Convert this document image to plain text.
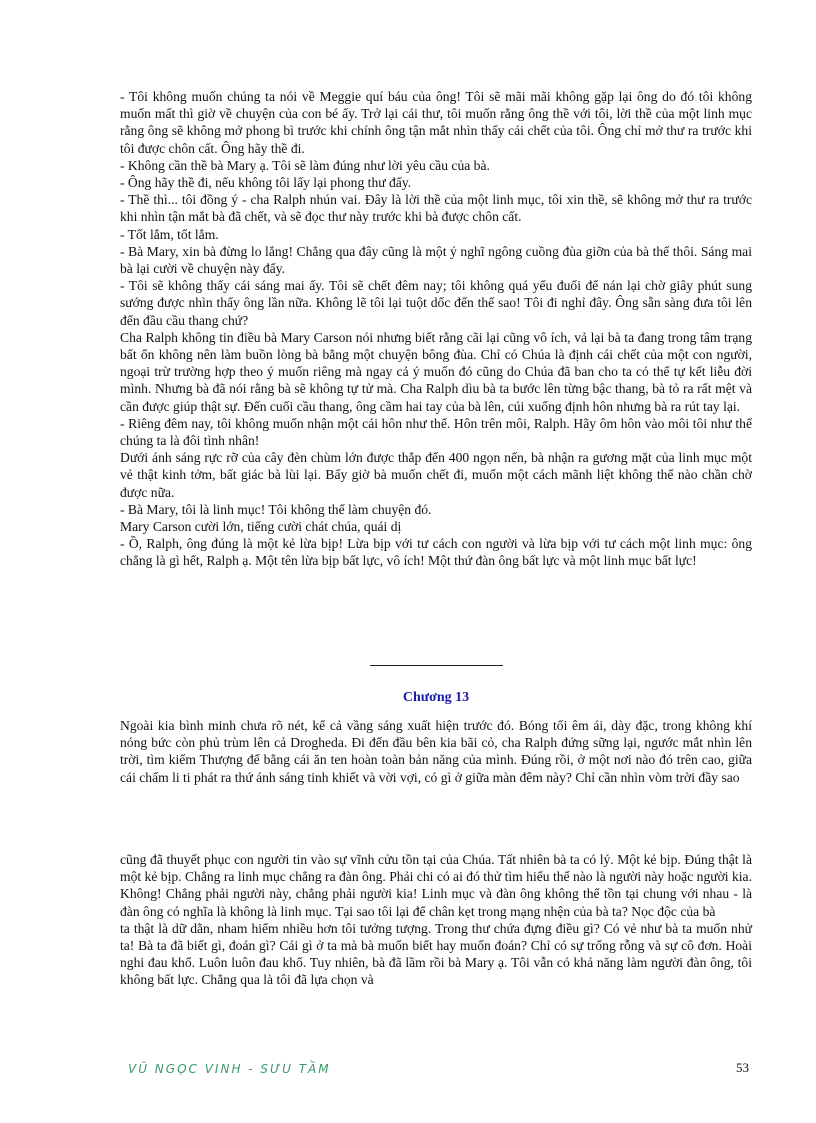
- Tôi không muốn chúng ta nói về Meggie quí báu của ông! Tôi sẽ mãi mãi không gặp lại ông do đó tôi không muốn mất thì giờ về chuyện của con bé ấy. Trở lại cái thư, tôi muốn rằng ông thề với tôi, lời thề của một linh mục rằng ông sẽ không mở phong bì trước khi chính ông tận mắt nhìn thấy cái chết của tôi. Ông chỉ mở thư ra trước khi tôi được chôn cất. Ông hãy thề đi.

- Không cần thề bà Mary ạ. Tôi sẽ làm đúng như lời yêu cầu của bà.

- Ông hãy thề đi, nếu không tôi lấy lại phong thư đấy.

- Thề thì... tôi đồng ý - cha Ralph nhún vai. Đây là lời thề của một linh mục, tôi xin thề, sẽ không mở thư ra trước khi nhìn tận mắt bà đã chết, và sẽ đọc thư này trước khi bà được chôn cất.

- Tốt lắm, tốt lắm.

- Bà Mary, xin bà đừng lo lắng! Chẳng qua đây cũng là một ý nghĩ ngông cuồng đùa giỡn của bà thế thôi. Sáng mai bà lại cười về chuyện này đấy.

- Tôi sẽ không thấy cái sáng mai ấy. Tôi sẽ chết đêm nay; tôi không quá yếu đuối để nán lại chờ giây phút sung sướng được nhìn thấy ông lần nữa. Không lẽ tôi lại tuột dốc đến thế sao! Tôi đi nghỉ đây. Ông sẵn sàng đưa tôi lên đến đầu cầu thang chứ?

Cha Ralph không tin điều bà Mary Carson nói nhưng biết rằng cãi lại cũng vô ích, vả lại bà ta đang trong tâm trạng bất ổn không nên làm buồn lòng bà bằng một chuyện bông đùa. Chỉ có Chúa là định cái chết của một con người, ngoại trừ trường hợp theo ý muốn riêng mà ngay cả ý muốn đó cũng do Chúa đã ban cho ta có thể tự kết liễu đời mình. Nhưng bà đã nói rằng bà sẽ không tự tử mà. Cha Ralph dìu bà ta bước lên từng bậc thang, bà tỏ ra rất mệt và cần được giúp thật sự. Đến cuối cầu thang, ông cầm hai tay của bà lên, cúi xuống định hôn nhưng bà ra rút tay lại.

- Riêng đêm nay, tôi không muốn nhận một cái hôn như thế. Hôn trên môi, Ralph. Hãy ôm hôn vào môi tôi như thể chúng ta là đôi tình nhân!

Dưới ánh sáng rực rỡ của cây đèn chùm lớn được thắp đến 400 ngọn nến, bà nhận ra gương mặt của linh mục một vẻ thật kinh tởm, bất giác bà lùi lại. Bấy giờ bà muốn chết đi, muốn một cách mãnh liệt không thể nào chần chờ được nữa.

- Bà Mary, tôi là linh mục! Tôi không thể làm chuyện đó.

Mary Carson cười lớn, tiếng cười chát chúa, quái dị

- Ồ, Ralph, ông đúng là một kẻ lừa bịp! Lừa bịp với tư cách con người và lừa bịp với tư cách một linh mục: ông chẳng là gì hết, Ralph ạ. Một tên lừa bịp bất lực, vô ích! Một thứ đàn ông bất lực và một linh mục bất lực!

Chương 13

Ngoài kia bình minh chưa rõ nét, kể cả vầng sáng xuất hiện trước đó. Bóng tối êm ái, dày đặc, trong không khí nóng bức còn phủ trùm lên cả Drogheda. Đi đến đầu bên kia bãi cỏ, cha Ralph đứng sững lại, ngước mắt nhìn lên trời, tìm kiếm Thượng đế bằng cái ăn ten hoàn toàn bản năng của mình. Đúng rồi, ở một nơi nào đó trên cao, giữa cái chấm li ti phát ra thứ ánh sáng tinh khiết và vời vợi, có gì ở giữa màn đêm này? Chỉ cần nhìn vòm trời đầy sao

cũng đã thuyết phục con người tin vào sự vĩnh cửu tồn tại của Chúa. Tất nhiên bà ta có lý. Một kẻ bịp. Đúng thật là một kẻ bịp. Chẳng ra linh mục chẳng ra đàn ông. Phải chi có ai đó thử tìm hiểu thế nào là người này hoặc người kia. Không! Chẳng phải người này, chẳng phải người kia! Linh mục và đàn ông không thể tồn tại chung với nhau - là đàn ông có nghĩa là không là linh mục. Tại sao tôi lại để chân kẹt trong mạng nhện của bà ta? Nọc độc của bà

ta thật là dữ dằn, nham hiểm nhiều hơn tôi tưởng tượng. Trong thư chứa đựng điều gì? Có vẻ như bà ta muốn nhử ta! Bà ta đã biết gì, đoán gì? Cái gì ở ta mà bà muốn biết hay muốn đoán? Chỉ có sự trống rỗng và sự cô đơn. Hoài nghi đau khổ. Luôn luôn đau khổ. Tuy nhiên, bà đã lầm rồi bà Mary ạ. Tôi vẫn có khả năng làm người đàn ông, tôi không bất lực. Chẳng qua là tôi đã lựa chọn và

VŨ NGỌC VINH - SƯU TẦM	53
